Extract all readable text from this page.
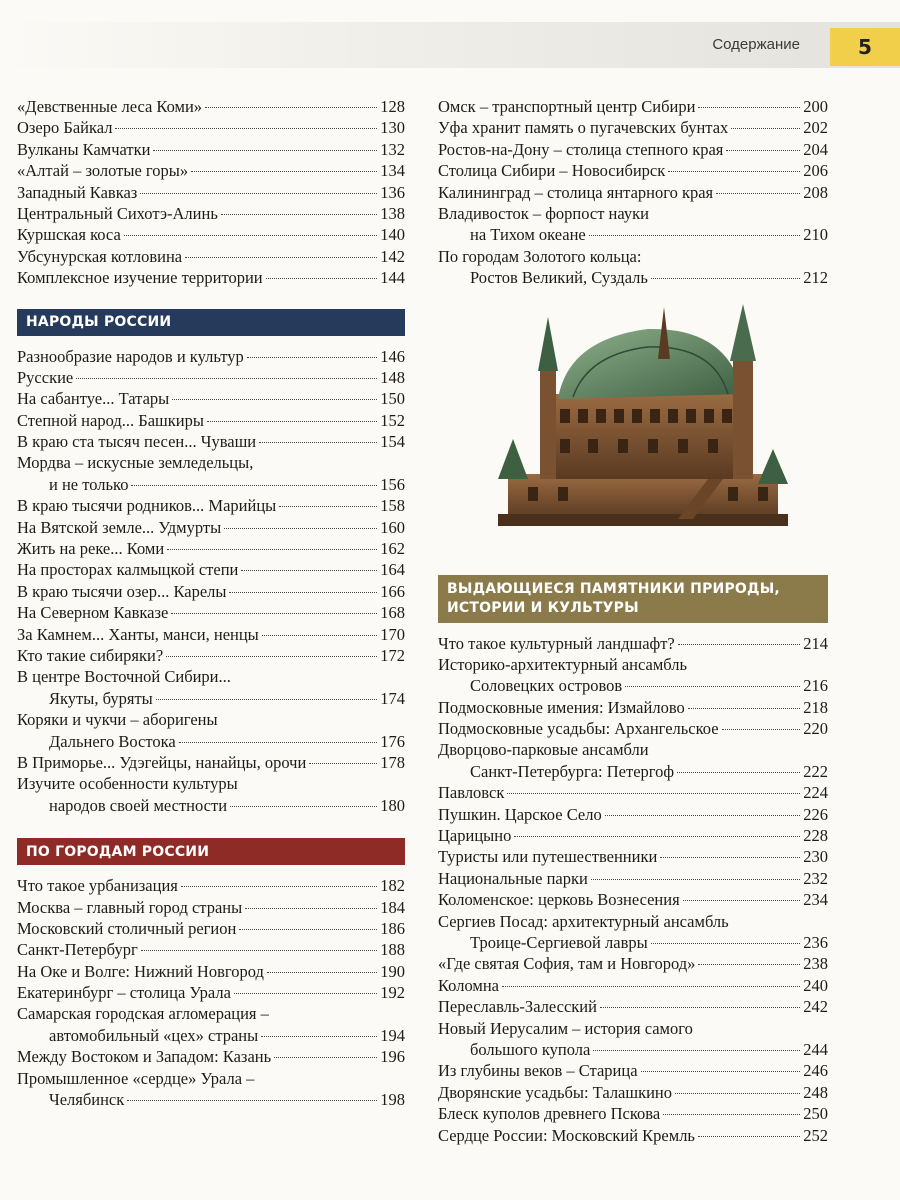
Содержание	5
«Девственные леса Коми»	128
Озеро Байкал	130
Вулканы Камчатки	132
«Алтай – золотые горы»	134
Западный Кавказ	136
Центральный Сихотэ-Алинь	138
Куршская коса	140
Убсунурская котловина	142
Комплексное изучение территории	144
НАРОДЫ РОССИИ
Разнообразие народов и культур	146
Русские	148
На сабантуе... Татары	150
Степной народ... Башкиры	152
В краю ста тысяч песен... Чуваши	154
Мордва – искусные земледельцы,
и не только	156
В краю тысячи родников... Марийцы	158
На Вятской земле... Удмурты	160
Жить на реке... Коми	162
На просторах калмыцкой степи	164
В краю тысячи озер... Карелы	166
На Северном Кавказе	168
За Камнем... Ханты, манси, ненцы	170
Кто такие сибиряки?	172
В центре Восточной Сибири...
Якуты, буряты	174
Коряки и чукчи – аборигены
Дальнего Востока	176
В Приморье... Удэгейцы, нанайцы, орочи	178
Изучите особенности культуры
народов своей местности	180
ПО ГОРОДАМ РОССИИ
Что такое урбанизация	182
Москва – главный город страны	184
Московский столичный регион	186
Санкт-Петербург	188
На Оке и Волге: Нижний Новгород	190
Екатеринбург – столица Урала	192
Самарская городская агломерация –
автомобильный «цех» страны	194
Между Востоком и Западом: Казань	196
Промышленное «сердце» Урала –
Челябинск	198
Омск – транспортный центр Сибири	200
Уфа хранит память о пугачевских бунтах	202
Ростов-на-Дону – столица степного края	204
Столица Сибири – Новосибирск	206
Калининград – столица янтарного края	208
Владивосток – форпост науки
на Тихом океане	210
По городам Золотого кольца:
Ростов Великий, Суздаль	212
ВЫДАЮЩИЕСЯ ПАМЯТНИКИ ПРИРОДЫ,
ИСТОРИИ И КУЛЬТУРЫ
Что такое культурный ландшафт?	214
Историко-архитектурный ансамбль
Соловецких островов	216
Подмосковные имения: Измайлово	218
Подмосковные усадьбы: Архангельское	220
Дворцово-парковые ансамбли
Санкт-Петербурга: Петергоф	222
Павловск	224
Пушкин. Царское Село	226
Царицыно	228
Туристы или путешественники	230
Национальные парки	232
Коломенское: церковь Вознесения	234
Сергиев Посад: архитектурный ансамбль
Троице-Сергиевой лавры	236
«Где святая София, там и Новгород»	238
Коломна	240
Переславль-Залесский	242
Новый Иерусалим – история самого
большого купола	244
Из глубины веков – Старица	246
Дворянские усадьбы: Талашкино	248
Блеск куполов древнего Пскова	250
Сердце России: Московский Кремль	252
